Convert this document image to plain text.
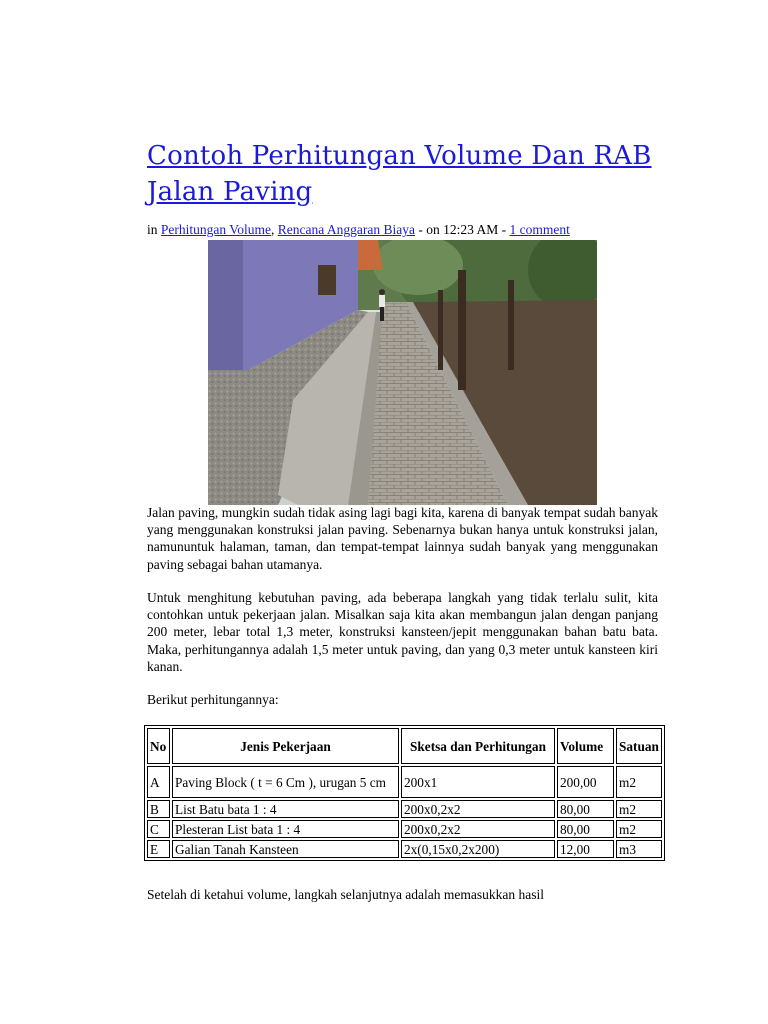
Contoh Perhitungan Volume Dan RAB Jalan Paving
in Perhitungan Volume, Rencana Anggaran Biaya - on 12:23 AM - 1 comment

Jalan paving, mungkin sudah tidak asing lagi bagi kita, karena di banyak tempat sudah banyak yang menggunakan konstruksi jalan paving. Sebenarnya bukan hanya untuk konstruksi jalan, namununtuk halaman, taman, dan tempat-tempat lainnya sudah banyak yang menggunakan paving sebagai bahan utamanya.

Untuk menghitung kebutuhan paving, ada beberapa langkah yang tidak terlalu sulit, kita contohkan untuk pekerjaan jalan. Misalkan saja kita akan membangun jalan dengan panjang 200 meter, lebar total 1,3 meter, konstruksi kansteen/jepit menggunakan bahan batu bata. Maka, perhitungannya adalah 1,5 meter untuk paving, dan yang 0,3 meter untuk kansteen kiri kanan.

Berikut perhitungannya:

No	Jenis Pekerjaan	Sketsa dan Perhitungan	Volume	Satuan
A	Paving Block ( t = 6 Cm ), urugan 5 cm	200x1	200,00	m2
B	List Batu bata 1 : 4	200x0,2x2	80,00	m2
C	Plesteran List bata 1 : 4	200x0,2x2	80,00	m2
E	Galian Tanah Kansteen	2x(0,15x0,2x200)	12,00	m3

Setelah di ketahui volume, langkah selanjutnya adalah memasukkan hasil
